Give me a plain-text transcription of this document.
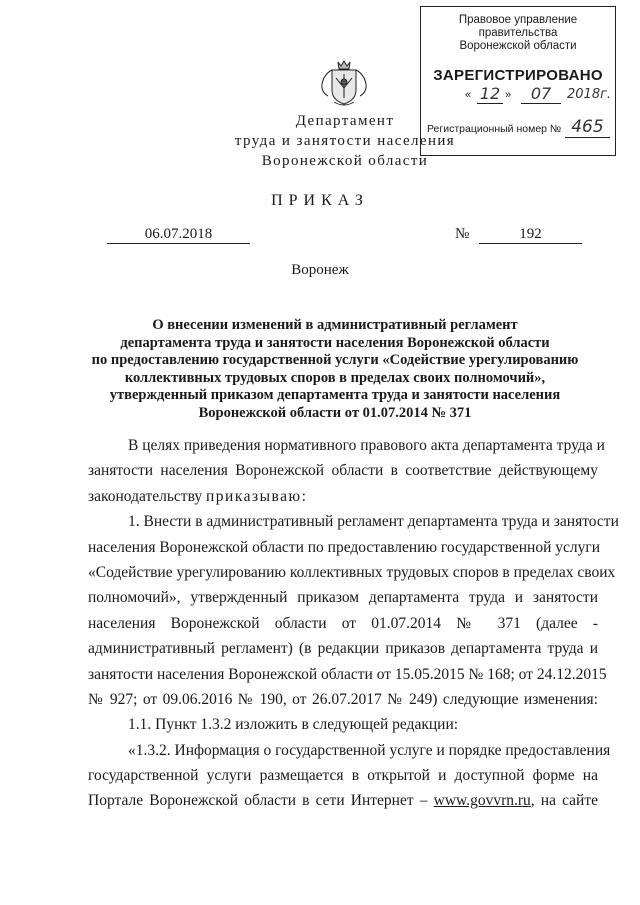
Правовое управление правительства
Воронежской области
ЗАРЕГИСТРИРОВАНО
« 12 »	07	2018г.
Регистрационный номер № 465
Департамент
труда и занятости населения
Воронежской области
ПРИКАЗ
06.07.2018	№	192
Воронеж
О внесении изменений в административный регламент
департамента труда и занятости населения Воронежской области
по предоставлению государственной услуги «Содействие урегулированию
коллективных трудовых споров в пределах своих полномочий»,
утвержденный приказом департамента труда и занятости населения
Воронежской области от 01.07.2014 № 371
В целях приведения нормативного правового акта департамента труда и
занятости населения Воронежской области в соответствие действующему
законодательству приказываю:
1. Внести в административный регламент департамента труда и занятости
населения Воронежской области по предоставлению государственной услуги
«Содействие урегулированию коллективных трудовых споров в пределах своих
полномочий», утвержденный приказом департамента труда и занятости
населения Воронежской области от 01.07.2014 № 371 (далее -
административный регламент) (в редакции приказов департамента труда и
занятости населения Воронежской области от 15.05.2015 № 168; от 24.12.2015
№ 927; от 09.06.2016 № 190, от 26.07.2017 № 249) следующие изменения:
1.1. Пункт 1.3.2 изложить в следующей редакции:
«1.3.2. Информация о государственной услуге и порядке предоставления
государственной услуги размещается в открытой и доступной форме на
Порталe Воронежской области в сети Интернет – www.govvrn.ru, на сайте
